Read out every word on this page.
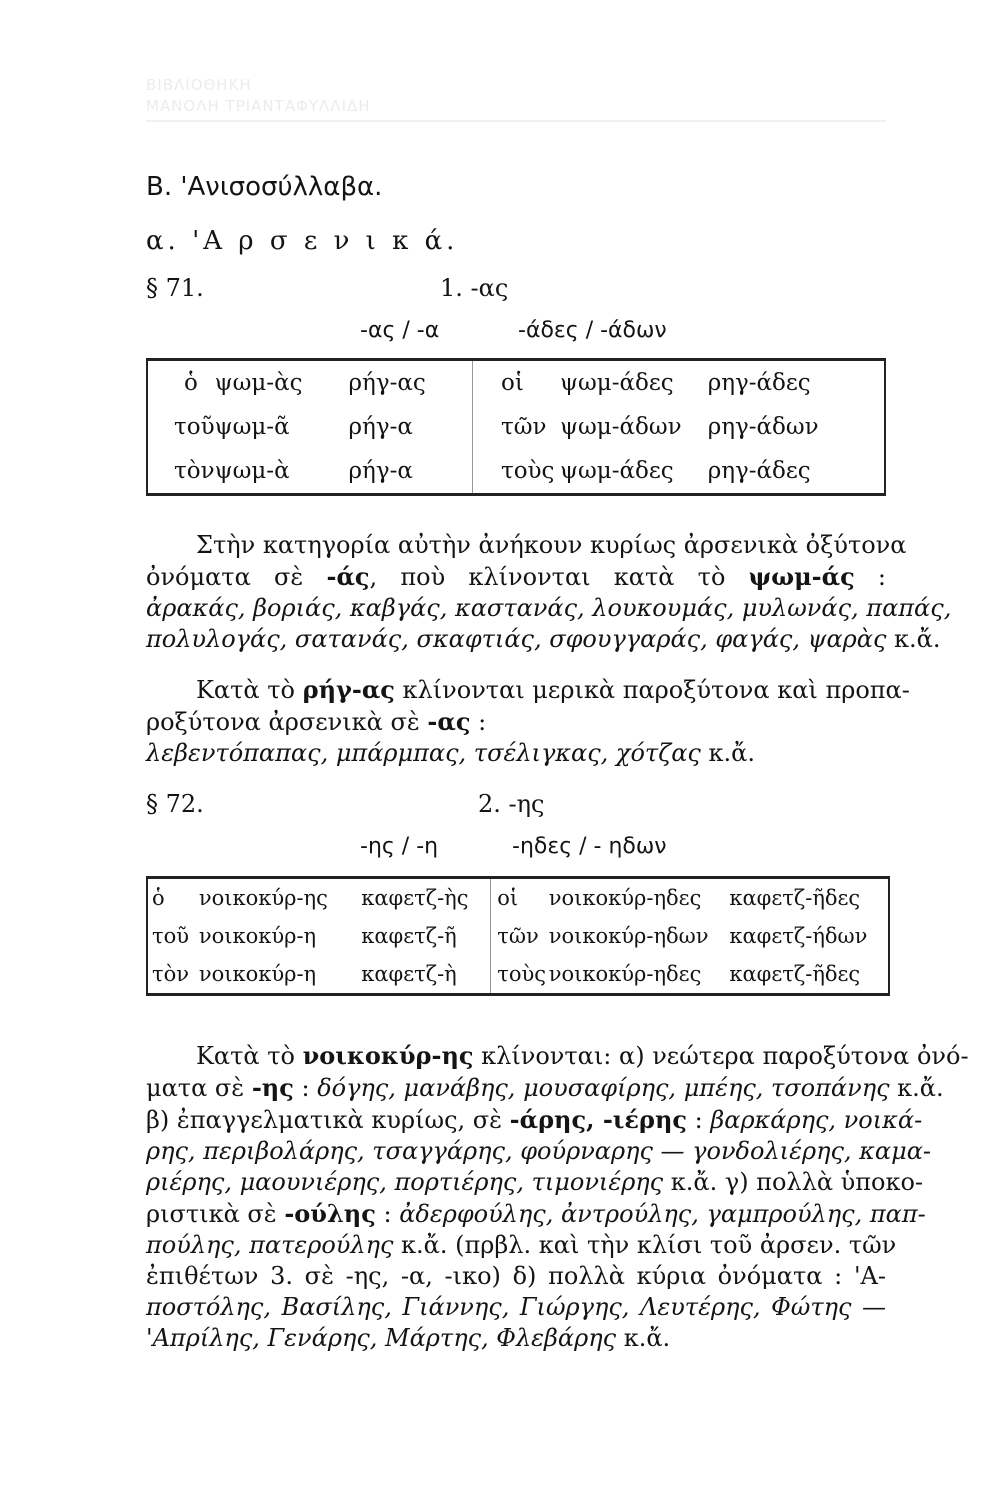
ΒΙΒΛΙΟΘΗΚΗ
ΜΑΝΟΛΗ ΤΡΙΑΝΤΑΦΥΛΛΙΔΗ
Β. 'Ανισοσύλλαβα.
α. 'Α ρ σ ε ν ι κ ά.
§ 71.	1. -ας
-ας / -α	-άδες / -άδων
ὁ	ψωμ-ὰς	ρήγ-ας	οἱ	ψωμ-άδες	ρηγ-άδες
τοῦ	ψωμ-ᾶ	ρήγ-α	τῶν	ψωμ-άδων	ρηγ-άδων
τὸν	ψωμ-ὰ	ρήγ-α	τοὺς	ψωμ-άδες	ρηγ-άδες
Στὴν κατηγορία αὐτὴν ἀνήκουν κυρίως ἀρσενικὰ ὀξύτονα
ὀνόματα σὲ -άς, ποὺ κλίνονται κατὰ τὸ ψωμ-άς :
ἀρακάς, βοριάς, καβγάς, καστανάς, λουκουμάς, μυλωνάς, παπάς,
πολυλογάς, σατανάς, σκαφτιάς, σφουγγαράς, φαγάς, ψαρὰς κ.ἄ.
Κατὰ τὸ ρήγ-ας κλίνονται μερικὰ παροξύτονα καὶ προπα-
ροξύτονα ἀρσενικὰ σὲ -ας :
λεβεντόπαπας, μπάρμπας, τσέλιγκας, χότζας κ.ἄ.
§ 72.	2. -ης
-ης / -η	-ηδες / - ηδων
ὁ	νοικοκύρ-ης	καφετζ-ὴς	οἱ	νοικοκύρ-ηδες	καφετζ-ῆδες
τοῦ	νοικοκύρ-η	καφετζ-ῆ	τῶν	νοικοκύρ-ηδων	καφετζ-ήδων
τὸν	νοικοκύρ-η	καφετζ-ὴ	τοὺς	νοικοκύρ-ηδες	καφετζ-ῆδες
Κατὰ τὸ νοικοκύρ-ης κλίνονται: α) νεώτερα παροξύτονα ὀνό-
ματα σὲ -ης : δόγης, μανάβης, μουσαφίρης, μπέης, τσοπάνης κ.ἄ.
β) ἐπαγγελματικὰ κυρίως, σὲ -άρης, -ιέρης : βαρκάρης, νοικά-
ρης, περιβολάρης, τσαγγάρης, φούρναρης — γονδολιέρης, καμα-
ριέρης, μαουνιέρης, πορτιέρης, τιμονιέρης κ.ἄ. γ) πολλὰ ὑποκο-
ριστικὰ σὲ -ούλης : ἀδερφούλης, ἀντρούλης, γαμπρούλης, παπ-
πούλης, πατερούλης κ.ἄ. (πρβλ. καὶ τὴν κλίσι τοῦ ἀρσεν. τῶν
ἐπιθέτων 3. σὲ -ης, -α, -ικο) δ) πολλὰ κύρια ὀνόματα : 'Α-
ποστόλης, Βασίλης, Γιάννης, Γιώργης, Λευτέρης, Φώτης —
'Απρίλης, Γενάρης, Μάρτης, Φλεβάρης κ.ἄ.
